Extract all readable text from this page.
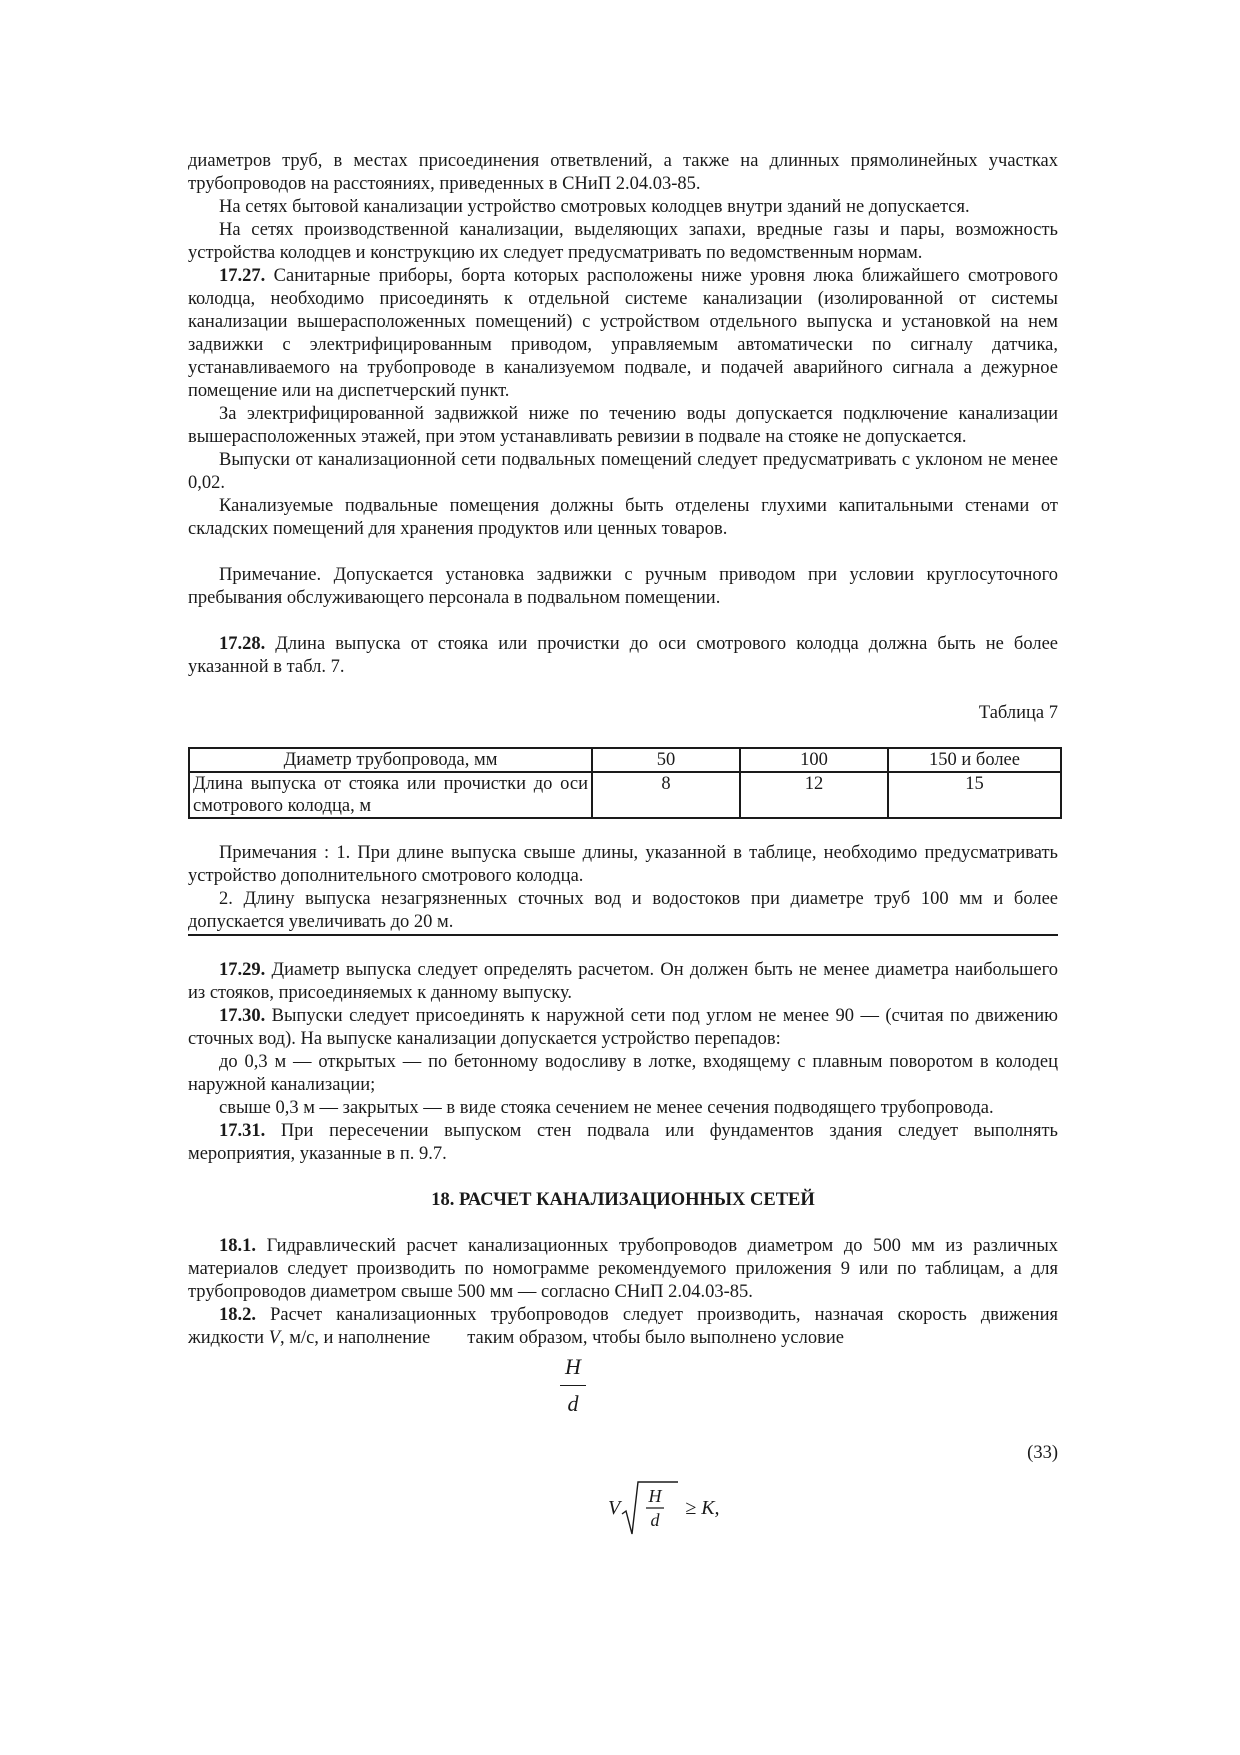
диаметров труб, в местах присоединения ответвлений, а также на длинных прямолинейных участках трубопроводов на расстояниях, приведенных в СНиП 2.04.03-85.

На сетях бытовой канализации устройство смотровых колодцев внутри зданий не допускается.

На сетях производственной канализации, выделяющих запахи, вредные газы и пары, возможность устройства колодцев и конструкцию их следует предусматривать по ведомственным нормам.

17.27. Санитарные приборы, борта которых расположены ниже уровня люка ближайшего смотрового колодца, необходимо присоединять к отдельной системе канализации (изолированной от системы канализации вышерасположенных помещений) с устройством отдельного выпуска и установкой на нем задвижки с электрифицированным приводом, управляемым автоматически по сигналу датчика, устанавливаемого на трубопроводе в канализуемом подвале, и подачей аварийного сигнала а дежурное помещение или на диспетчерский пункт.

За электрифицированной задвижкой ниже по течению воды допускается подключение канализации вышерасположенных этажей, при этом устанавливать ревизии в подвале на стояке не допускается.

Выпуски от канализационной сети подвальных помещений следует предусматривать с уклоном не менее 0,02.

Канализуемые подвальные помещения должны быть отделены глухими капитальными стенами от складских помещений для хранения продуктов или ценных товаров.

Примечание. Допускается установка задвижки с ручным приводом при условии круглосуточного пребывания обслуживающего персонала в подвальном помещении.

17.28. Длина выпуска от стояка или прочистки до оси смотрового колодца должна быть не более указанной в табл. 7.

Таблица 7

Диаметр трубопровода, мм	50	100	150 и более
Длина выпуска от стояка или прочистки до оси смотрового колодца, м	8	12	15

Примечания : 1. При длине выпуска свыше длины, указанной в таблице, необходимо предусматривать устройство дополнительного смотрового колодца.

2. Длину выпуска незагрязненных сточных вод и водостоков при диаметре труб 100 мм и более допускается увеличивать до 20 м.

17.29. Диаметр выпуска следует определять расчетом. Он должен быть не менее диаметра наибольшего из стояков, присоединяемых к данному выпуску.

17.30. Выпуски следует присоединять к наружной сети под углом не менее 90 — (считая по движению сточных вод). На выпуске канализации допускается устройство перепадов:

до 0,3 м — открытых — по бетонному водосливу в лотке, входящему с плавным поворотом в колодец наружной канализации;

свыше 0,3 м — закрытых — в виде стояка сечением не менее сечения подводящего трубопровода.

17.31. При пересечении выпуском стен подвала или фундаментов здания следует выполнять мероприятия, указанные в п. 9.7.

18. РАСЧЕТ КАНАЛИЗАЦИОННЫХ СЕТЕЙ

18.1. Гидравлический расчет канализационных трубопроводов диаметром до 500 мм из различных материалов следует производить по номограмме рекомендуемого приложения 9 или по таблицам, а для трубопроводов диаметром свыше 500 мм — согласно СНиП 2.04.03-85.

18.2. Расчет канализационных трубопроводов следует производить, назначая скорость движения жидкости V, м/с, и наполнение        таким образом, чтобы было выполнено условие

H
d
(33)
V
H
d
≥ K,
